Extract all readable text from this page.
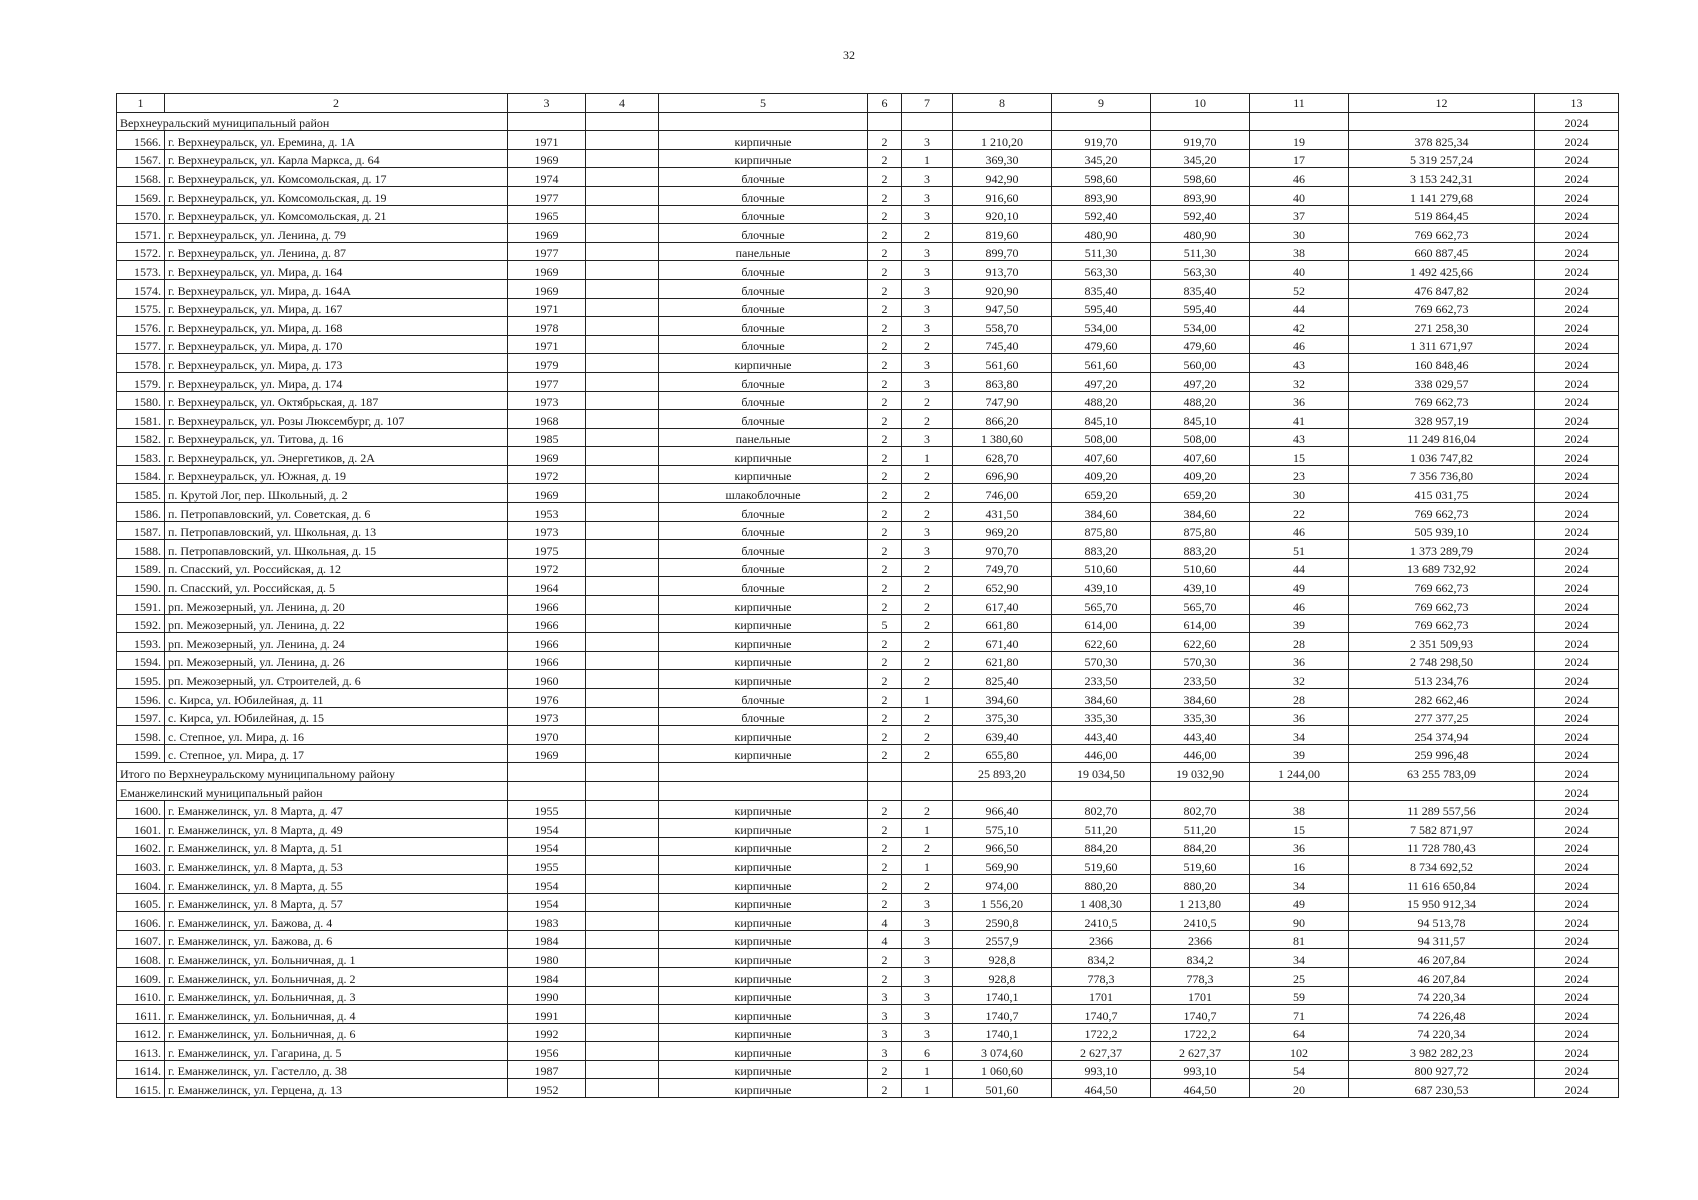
32
1	2	3	4	5	6	7	8	9	10	11	12	13
Верхнеуральский муниципальный район												2024
1566.	г. Верхнеуральск, ул. Еремина, д. 1А	1971		кирпичные	2	3	1 210,20	919,70	919,70	19	378 825,34	2024
1567.	г. Верхнеуральск, ул. Карла Маркса, д. 64	1969		кирпичные	2	1	369,30	345,20	345,20	17	5 319 257,24	2024
1568.	г. Верхнеуральск, ул. Комсомольская, д. 17	1974		блочные	2	3	942,90	598,60	598,60	46	3 153 242,31	2024
1569.	г. Верхнеуральск, ул. Комсомольская, д. 19	1977		блочные	2	3	916,60	893,90	893,90	40	1 141 279,68	2024
1570.	г. Верхнеуральск, ул. Комсомольская, д. 21	1965		блочные	2	3	920,10	592,40	592,40	37	519 864,45	2024
1571.	г. Верхнеуральск, ул. Ленина, д. 79	1969		блочные	2	2	819,60	480,90	480,90	30	769 662,73	2024
1572.	г. Верхнеуральск, ул. Ленина, д. 87	1977		панельные	2	3	899,70	511,30	511,30	38	660 887,45	2024
1573.	г. Верхнеуральск, ул. Мира, д. 164	1969		блочные	2	3	913,70	563,30	563,30	40	1 492 425,66	2024
1574.	г. Верхнеуральск, ул. Мира, д. 164А	1969		блочные	2	3	920,90	835,40	835,40	52	476 847,82	2024
1575.	г. Верхнеуральск, ул. Мира, д. 167	1971		блочные	2	3	947,50	595,40	595,40	44	769 662,73	2024
1576.	г. Верхнеуральск, ул. Мира, д. 168	1978		блочные	2	3	558,70	534,00	534,00	42	271 258,30	2024
1577.	г. Верхнеуральск, ул. Мира, д. 170	1971		блочные	2	2	745,40	479,60	479,60	46	1 311 671,97	2024
1578.	г. Верхнеуральск, ул. Мира, д. 173	1979		кирпичные	2	3	561,60	561,60	560,00	43	160 848,46	2024
1579.	г. Верхнеуральск, ул. Мира, д. 174	1977		блочные	2	3	863,80	497,20	497,20	32	338 029,57	2024
1580.	г. Верхнеуральск, ул. Октябрьская, д. 187	1973		блочные	2	2	747,90	488,20	488,20	36	769 662,73	2024
1581.	г. Верхнеуральск, ул. Розы Люксембург, д. 107	1968		блочные	2	2	866,20	845,10	845,10	41	328 957,19	2024
1582.	г. Верхнеуральск, ул. Титова, д. 16	1985		панельные	2	3	1 380,60	508,00	508,00	43	11 249 816,04	2024
1583.	г. Верхнеуральск, ул. Энергетиков, д. 2А	1969		кирпичные	2	1	628,70	407,60	407,60	15	1 036 747,82	2024
1584.	г. Верхнеуральск, ул. Южная, д. 19	1972		кирпичные	2	2	696,90	409,20	409,20	23	7 356 736,80	2024
1585.	п. Крутой Лог, пер. Школьный, д. 2	1969		шлакоблочные	2	2	746,00	659,20	659,20	30	415 031,75	2024
1586.	п. Петропавловский, ул. Советская, д. 6	1953		блочные	2	2	431,50	384,60	384,60	22	769 662,73	2024
1587.	п. Петропавловский, ул. Школьная, д. 13	1973		блочные	2	3	969,20	875,80	875,80	46	505 939,10	2024
1588.	п. Петропавловский, ул. Школьная, д. 15	1975		блочные	2	3	970,70	883,20	883,20	51	1 373 289,79	2024
1589.	п. Спасский, ул. Российская, д. 12	1972		блочные	2	2	749,70	510,60	510,60	44	13 689 732,92	2024
1590.	п. Спасский, ул. Российская, д. 5	1964		блочные	2	2	652,90	439,10	439,10	49	769 662,73	2024
1591.	рп. Межозерный, ул. Ленина, д. 20	1966		кирпичные	2	2	617,40	565,70	565,70	46	769 662,73	2024
1592.	рп. Межозерный, ул. Ленина, д. 22	1966		кирпичные	5	2	661,80	614,00	614,00	39	769 662,73	2024
1593.	рп. Межозерный, ул. Ленина, д. 24	1966		кирпичные	2	2	671,40	622,60	622,60	28	2 351 509,93	2024
1594.	рп. Межозерный, ул. Ленина, д. 26	1966		кирпичные	2	2	621,80	570,30	570,30	36	2 748 298,50	2024
1595.	рп. Межозерный, ул. Строителей, д. 6	1960		кирпичные	2	2	825,40	233,50	233,50	32	513 234,76	2024
1596.	с. Кирса, ул. Юбилейная, д. 11	1976		блочные	2	1	394,60	384,60	384,60	28	282 662,46	2024
1597.	с. Кирса, ул. Юбилейная, д. 15	1973		блочные	2	2	375,30	335,30	335,30	36	277 377,25	2024
1598.	с. Степное, ул. Мира, д. 16	1970		кирпичные	2	2	639,40	443,40	443,40	34	254 374,94	2024
1599.	с. Степное, ул. Мира, д. 17	1969		кирпичные	2	2	655,80	446,00	446,00	39	259 996,48	2024
Итого по Верхнеуральскому муниципальному району							25 893,20	19 034,50	19 032,90	1 244,00	63 255 783,09	2024
Еманжелинский муниципальный район												2024
1600.	г. Еманжелинск, ул. 8 Марта, д. 47	1955		кирпичные	2	2	966,40	802,70	802,70	38	11 289 557,56	2024
1601.	г. Еманжелинск, ул. 8 Марта, д. 49	1954		кирпичные	2	1	575,10	511,20	511,20	15	7 582 871,97	2024
1602.	г. Еманжелинск, ул. 8 Марта, д. 51	1954		кирпичные	2	2	966,50	884,20	884,20	36	11 728 780,43	2024
1603.	г. Еманжелинск, ул. 8 Марта, д. 53	1955		кирпичные	2	1	569,90	519,60	519,60	16	8 734 692,52	2024
1604.	г. Еманжелинск, ул. 8 Марта, д. 55	1954		кирпичные	2	2	974,00	880,20	880,20	34	11 616 650,84	2024
1605.	г. Еманжелинск, ул. 8 Марта, д. 57	1954		кирпичные	2	3	1 556,20	1 408,30	1 213,80	49	15 950 912,34	2024
1606.	г. Еманжелинск, ул. Бажова, д. 4	1983		кирпичные	4	3	2590,8	2410,5	2410,5	90	94 513,78	2024
1607.	г. Еманжелинск, ул. Бажова, д. 6	1984		кирпичные	4	3	2557,9	2366	2366	81	94 311,57	2024
1608.	г. Еманжелинск, ул. Больничная, д. 1	1980		кирпичные	2	3	928,8	834,2	834,2	34	46 207,84	2024
1609.	г. Еманжелинск, ул. Больничная, д. 2	1984		кирпичные	2	3	928,8	778,3	778,3	25	46 207,84	2024
1610.	г. Еманжелинск, ул. Больничная, д. 3	1990		кирпичные	3	3	1740,1	1701	1701	59	74 220,34	2024
1611.	г. Еманжелинск, ул. Больничная, д. 4	1991		кирпичные	3	3	1740,7	1740,7	1740,7	71	74 226,48	2024
1612.	г. Еманжелинск, ул. Больничная, д. 6	1992		кирпичные	3	3	1740,1	1722,2	1722,2	64	74 220,34	2024
1613.	г. Еманжелинск, ул. Гагарина, д. 5	1956		кирпичные	3	6	3 074,60	2 627,37	2 627,37	102	3 982 282,23	2024
1614.	г. Еманжелинск, ул. Гастелло, д. 38	1987		кирпичные	2	1	1 060,60	993,10	993,10	54	800 927,72	2024
1615.	г. Еманжелинск, ул. Герцена, д. 13	1952		кирпичные	2	1	501,60	464,50	464,50	20	687 230,53	2024
